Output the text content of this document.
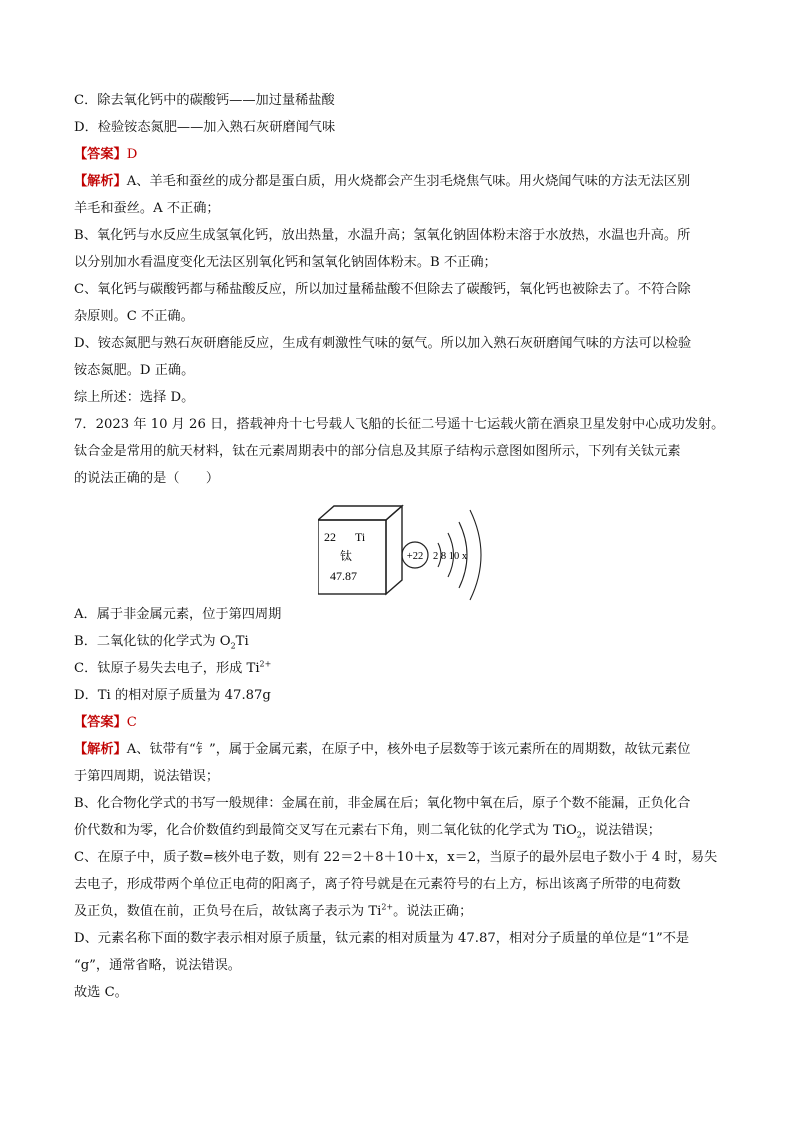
C．除去氧化钙中的碳酸钙——加过量稀盐酸
D．检验铵态氮肥——加入熟石灰研磨闻气味
【答案】D
【解析】A、羊毛和蚕丝的成分都是蛋白质，用火烧都会产生羽毛烧焦气味。用火烧闻气味的方法无法区别
羊毛和蚕丝。A 不正确；
B、氧化钙与水反应生成氢氧化钙，放出热量，水温升高；氢氧化钠固体粉末溶于水放热，水温也升高。所
以分别加水看温度变化无法区别氧化钙和氢氧化钠固体粉末。B 不正确；
C、氧化钙与碳酸钙都与稀盐酸反应，所以加过量稀盐酸不但除去了碳酸钙，氧化钙也被除去了。不符合除
杂原则。C 不正确。
D、铵态氮肥与熟石灰研磨能反应，生成有刺激性气味的氨气。所以加入熟石灰研磨闻气味的方法可以检验
铵态氮肥。D 正确。
综上所述：选择 D。
7．2023 年 10 月 26 日，搭载神舟十七号载人飞船的长征二号遥十七运载火箭在酒泉卫星发射中心成功发射。
钛合金是常用的航天材料，钛在元素周期表中的部分信息及其原子结构示意图如图所示，下列有关钛元素
的说法正确的是（　　）
A．属于非金属元素，位于第四周期
B．二氧化钛的化学式为 $O_2Ti$
C．钛原子易失去电子，形成 $Ti^{2+}$
D．Ti 的相对原子质量为 47.87g
【答案】C
【解析】A、钛带有“钅”，属于金属元素，在原子中，核外电子层数等于该元素所在的周期数，故钛元素位
于第四周期，说法错误；
B、化合物化学式的书写一般规律：金属在前，非金属在后；氧化物中氧在后，原子个数不能漏，正负化合
价代数和为零，化合价数值约到最简交叉写在元素右下角，则二氧化钛的化学式为 TiO$_2$，说法错误；
C、在原子中，质子数=核外电子数，则有 22＝2＋8＋10＋x，x＝2，当原子的最外层电子数小于 4 时，易失
去电子，形成带两个单位正电荷的阳离子，离子符号就是在元素符号的右上方，标出该离子所带的电荷数
及正负，数值在前，正负号在后，故钛离子表示为 $Ti^{2+}$。说法正确；
D、元素名称下面的数字表示相对原子质量，钛元素的相对质量为 47.87，相对分子质量的单位是“1”不是
“g”，通常省略，说法错误。
故选 C。
22 Ti
钛
47.87
+22 2 8 10 x
